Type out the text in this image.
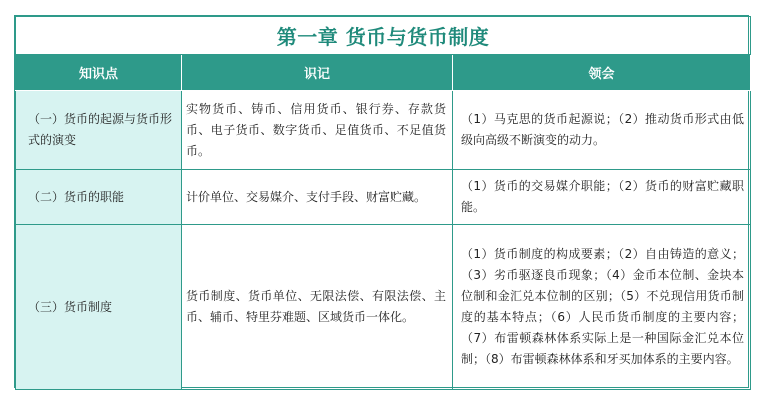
第一章 货币与货币制度		
知识点	识记	领会
（一）货币的起源与货币形式的演变	实物货币、铸币、信用货币、银行券、存款货币、电子货币、数字货币、足值货币、不足值货币。	（1）马克思的货币起源说；（2）推动货币形式由低级向高级不断演变的动力。
（二）货币的职能	计价单位、交易媒介、支付手段、财富贮藏。	（1）货币的交易媒介职能；（2）货币的财富贮藏职能。
（三）货币制度	货币制度、货币单位、无限法偿、有限法偿、主币、辅币、特里芬难题、区域货币一体化。	（1）货币制度的构成要素；（2）自由铸造的意义；（3）劣币驱逐良币现象；（4）金币本位制、金块本位制和金汇兑本位制的区别；（5）不兑现信用货币制度的基本特点；（6）人民币货币制度的主要内容；（7）布雷顿森林体系实际上是一种国际金汇兑本位制；（8）布雷顿森林体系和牙买加体系的主要内容。
